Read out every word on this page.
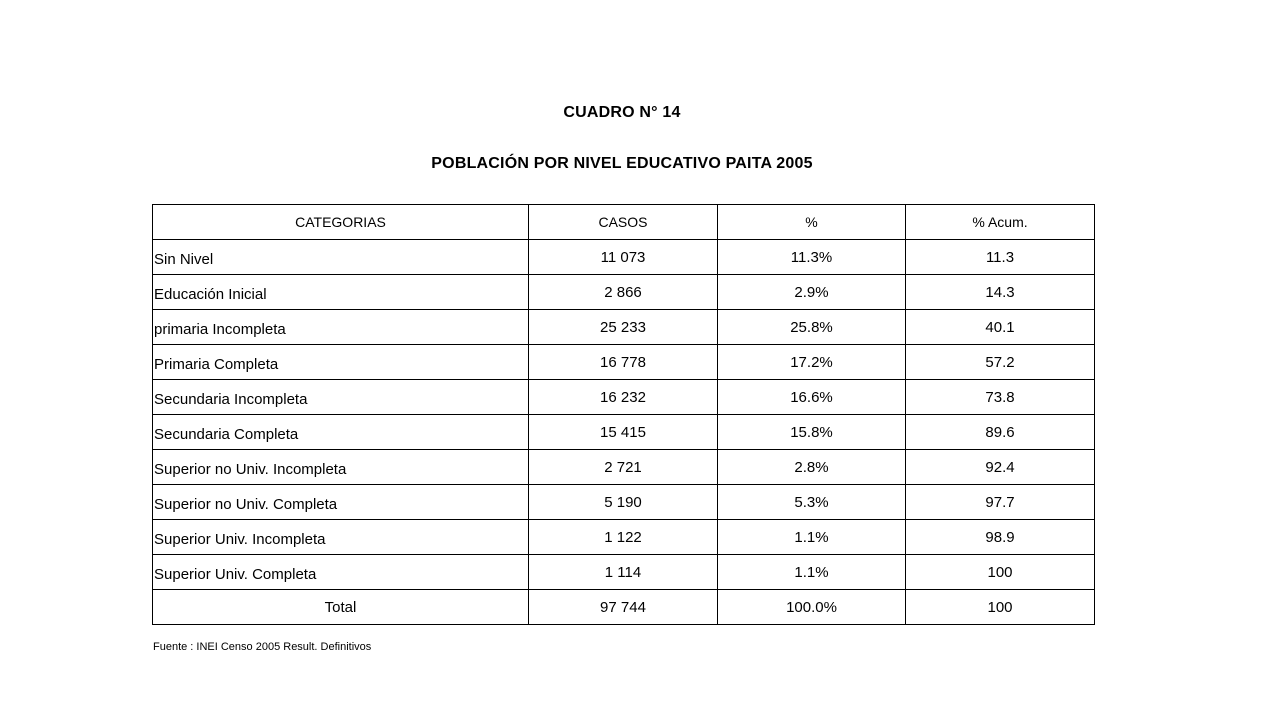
CUADRO N° 14
POBLACIÓN POR NIVEL EDUCATIVO PAITA 2005
CATEGORIAS	CASOS	%	% Acum.
Sin Nivel	11 073	11.3%	11.3
Educación Inicial	2 866	2.9%	14.3
primaria Incompleta	25 233	25.8%	40.1
Primaria Completa	16 778	17.2%	57.2
Secundaria Incompleta	16 232	16.6%	73.8
Secundaria Completa	15 415	15.8%	89.6
Superior no Univ. Incompleta	2 721	2.8%	92.4
Superior no Univ. Completa	5 190	5.3%	97.7
Superior Univ. Incompleta	1 122	1.1%	98.9
Superior Univ. Completa	1 114	1.1%	100
Total	97 744	100.0%	100
Fuente : INEI Censo 2005 Result. Definitivos
